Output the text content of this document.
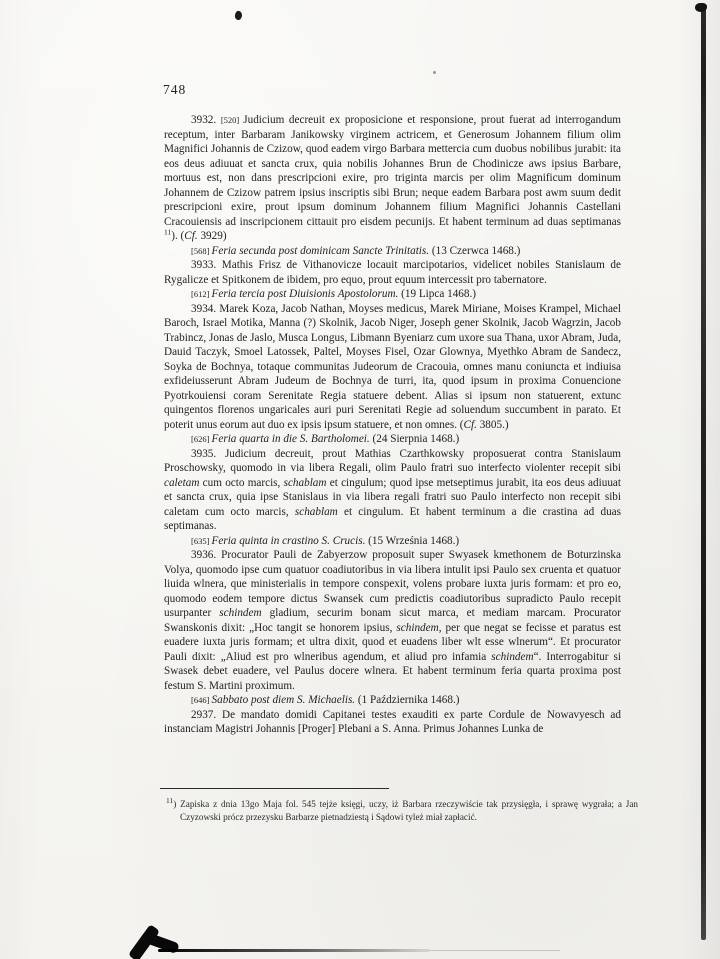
748

3932. [520] Judicium decreuit ex proposicione et responsione, prout fuerat ad interrogandum receptum, inter Barbaram Janikowsky virginem actricem, et Generosum Johannem filium olim Magnifici Johannis de Czizow, quod eadem virgo Barbara mettercia cum duobus nobilibus jurabit: ita eos deus adiuuat et sancta crux, quia nobilis Johannes Brun de Chodinicze aws ipsius Barbare, mortuus est, non dans prescripcioni exire, pro triginta marcis per olim Magnificum dominum Johannem de Czizow patrem ipsius inscriptis sibi Brun; neque eadem Barbara post awm suum dedit prescripcioni exire, prout ipsum dominum Johannem filium Magnifici Johannis Castellani Cracouiensis ad inscripcionem cittauit pro eisdem pecunijs. Et habent terminum ad duas septimanas $^{11}$). (Cf. 3929)

[568] Feria secunda post dominicam Sancte Trinitatis. (13 Czerwca 1468.)

3933. Mathis Frisz de Vithanovicze locauit marcipotarios, videlicet nobiles Stanislaum de Rygalicze et Spitkonem de ibidem, pro equo, prout equum intercessit pro tabernatore.

[612] Feria tercia post Diuisionis Apostolorum. (19 Lipca 1468.)

3934. Marek Koza, Jacob Nathan, Moyses medicus, Marek Miriane, Moises Krampel, Michael Baroch, Israel Motika, Manna (?) Skolnik, Jacob Niger, Joseph gener Skolnik, Jacob Wagrzin, Jacob Trabincz, Jonas de Jaslo, Musca Longus, Libmann Byeniarz cum uxore sua Thana, uxor Abram, Juda, Dauid Taczyk, Smoel Latossek, Paltel, Moyses Fisel, Ozar Glownya, Myethko Abram de Sandecz, Soyka de Bochnya, totaque communitas Judeorum de Cracouia, omnes manu coniuncta et indiuisa exfideiusserunt Abram Judeum de Bochnya de turri, ita, quod ipsum in proxima Conuencione Pyotrkouiensi coram Serenitate Regia statuere debent. Alias si ipsum non statuerent, extunc quingentos florenos ungaricales auri puri Serenitati Regie ad soluendum succumbent in parato. Et poterit unus eorum aut duo ex ipsis ipsum statuere, et non omnes. (Cf. 3805.)

[626] Feria quarta in die S. Bartholomei. (24 Sierpnia 1468.)

3935. Judicium decreuit, prout Mathias Czarthkowsky proposuerat contra Stanislaum Proschowsky, quomodo in via libera Regali, olim Paulo fratri suo interfecto violenter recepit sibi caletam cum octo marcis, schablam et cingulum; quod ipse metseptimus jurabit, ita eos deus adiuuat et sancta crux, quia ipse Stanislaus in via libera regali fratri suo Paulo interfecto non recepit sibi caletam cum octo marcis, schablam et cingulum. Et habent terminum a die crastina ad duas septimanas.

[635] Feria quinta in crastino S. Crucis. (15 Września 1468.)

3936. Procurator Pauli de Zabyerzow proposuit super Swyasek kmethonem de Boturzinska Volya, quomodo ipse cum quatuor coadiutoribus in via libera intulit ipsi Paulo sex cruenta et quatuor liuida wlnera, que ministerialis in tempore conspexit, volens probare iuxta juris formam: et pro eo, quomodo eodem tempore dictus Swansek cum predictis coadiutoribus supradicto Paulo recepit usurpanter schindem gladium, securim bonam sicut marca, et mediam marcam. Procurator Swanskonis dixit: „Hoc tangit se honorem ipsius, schindem, per que negat se fecisse et paratus est euadere iuxta juris formam; et ultra dixit, quod et euadens liber wlt esse wlnerum“. Et procurator Pauli dixit: „Aliud est pro wlneribus agendum, et aliud pro infamia schindem“. Interrogabitur si Swasek debet euadere, vel Paulus docere wlnera. Et habent terminum feria quarta proxima post festum S. Martini proximum.

[646] Sabbato post diem S. Michaelis. (1 Października 1468.)

2937. De mandato domidi Capitanei testes exauditi ex parte Cordule de Nowavyesch ad instanciam Magistri Johannis [Proger] Plebani a S. Anna. Primus Johannes Lunka de

$^{11}$) Zapiska z dnia 13go Maja fol. 545 tejże księgi, uczy, iż Barbara rzeczywiście tak przysięgła, i sprawę wygrała; a Jan Czyzowski prócz przezysku Barbarze pietnadziestą i Sądowi tyleż miał zapłacić.
